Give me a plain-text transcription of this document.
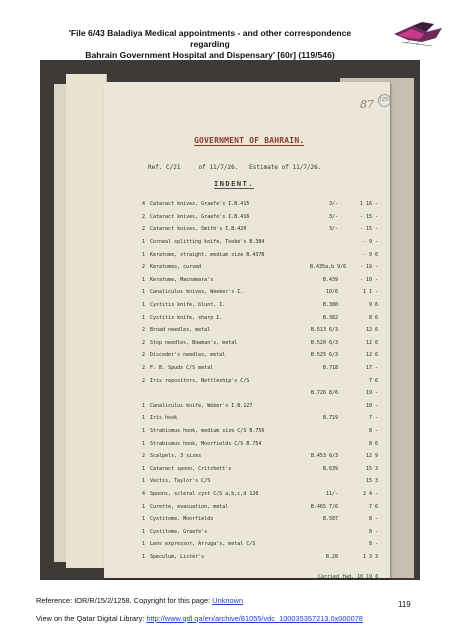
'File 6/43 Baladiya Medical appointments - and other correspondence regarding
Bahrain Government Hospital and Dispensary' [60r] (119/546)
87 (25)
GOVERNMENT OF BAHRAIN.
Ref. C/21     of 11/7/26.   Estimate of 11/7/26.
INDENT.
4 Cataract knives, Graefe's I.B.415	3/-	1 16 -
2 Cataract knives, Graefe's I.B.416	3/-	- 15 -
2 Cataract knives, Smith's I.B.420	3/-	- 15 -
1 Corneal splitting knife, Tooke's B.384	- 9 -
1 Keratome, straight, medium size B.437B	- 9 6
2 Keratomes, curved	B.435a,b 9/6	- 19 -
1 Keratome, Macnamara's	B.439	- 10 -
1 Canaliculus knives, Weeker's I.	10/6	1 1 -
1 Cystitis knife, blunt, I.	B.380	9 6
1 Cystitis knife, sharp I.	B.382	8 6
2 Broad needles, metal	B.513 6/3	12 6
2 Stop needles, Bowman's, metal	B.520 6/3	12 6
2 Discoder's needles, metal	B.525 6/3	12 6
2 F. B. Spuds C/S metal	B.718	17 -
2 Iris repositors, Nettleship's C/S	7 6
B.726 8/6	19 -
1 Canaliculus knife, Weber's I.B.127	10 -
1 Iris hook	B.719	7 -
1 Strabismus hook, medium size C/S B.756	8 -
1 Strabismus hook, Moorfields C/S B.754	8 6
2 Scalpels, 3 sizes	B.453 6/3	12 9
1 Cataract spoon, Critchett's	B.639	15 3
1 Vectis, Taylor's C/S	15 3
4 Spoons, scleral cyst C/S a,b,c,d 120	11/-	2 4 -
1 Curette, evacuation, metal	B.465 7/6	7 6
1 Cystitome, Moorfields	B.587	8 -
1 Cystitome, Graefe's	8 -
1 Lens expressor, Arruga's, metal C/S	8 -
1 Speculum, Lister's	B.28	1 3 3
Carried fwd. 10 19 6
Reference: IOR/R/15/2/1258. Copyright for this page: Unknown
View on the Qatar Digital Library: http://www.qdl.qa/en/archive/81055/vdc_100035357213.0x000078
119
